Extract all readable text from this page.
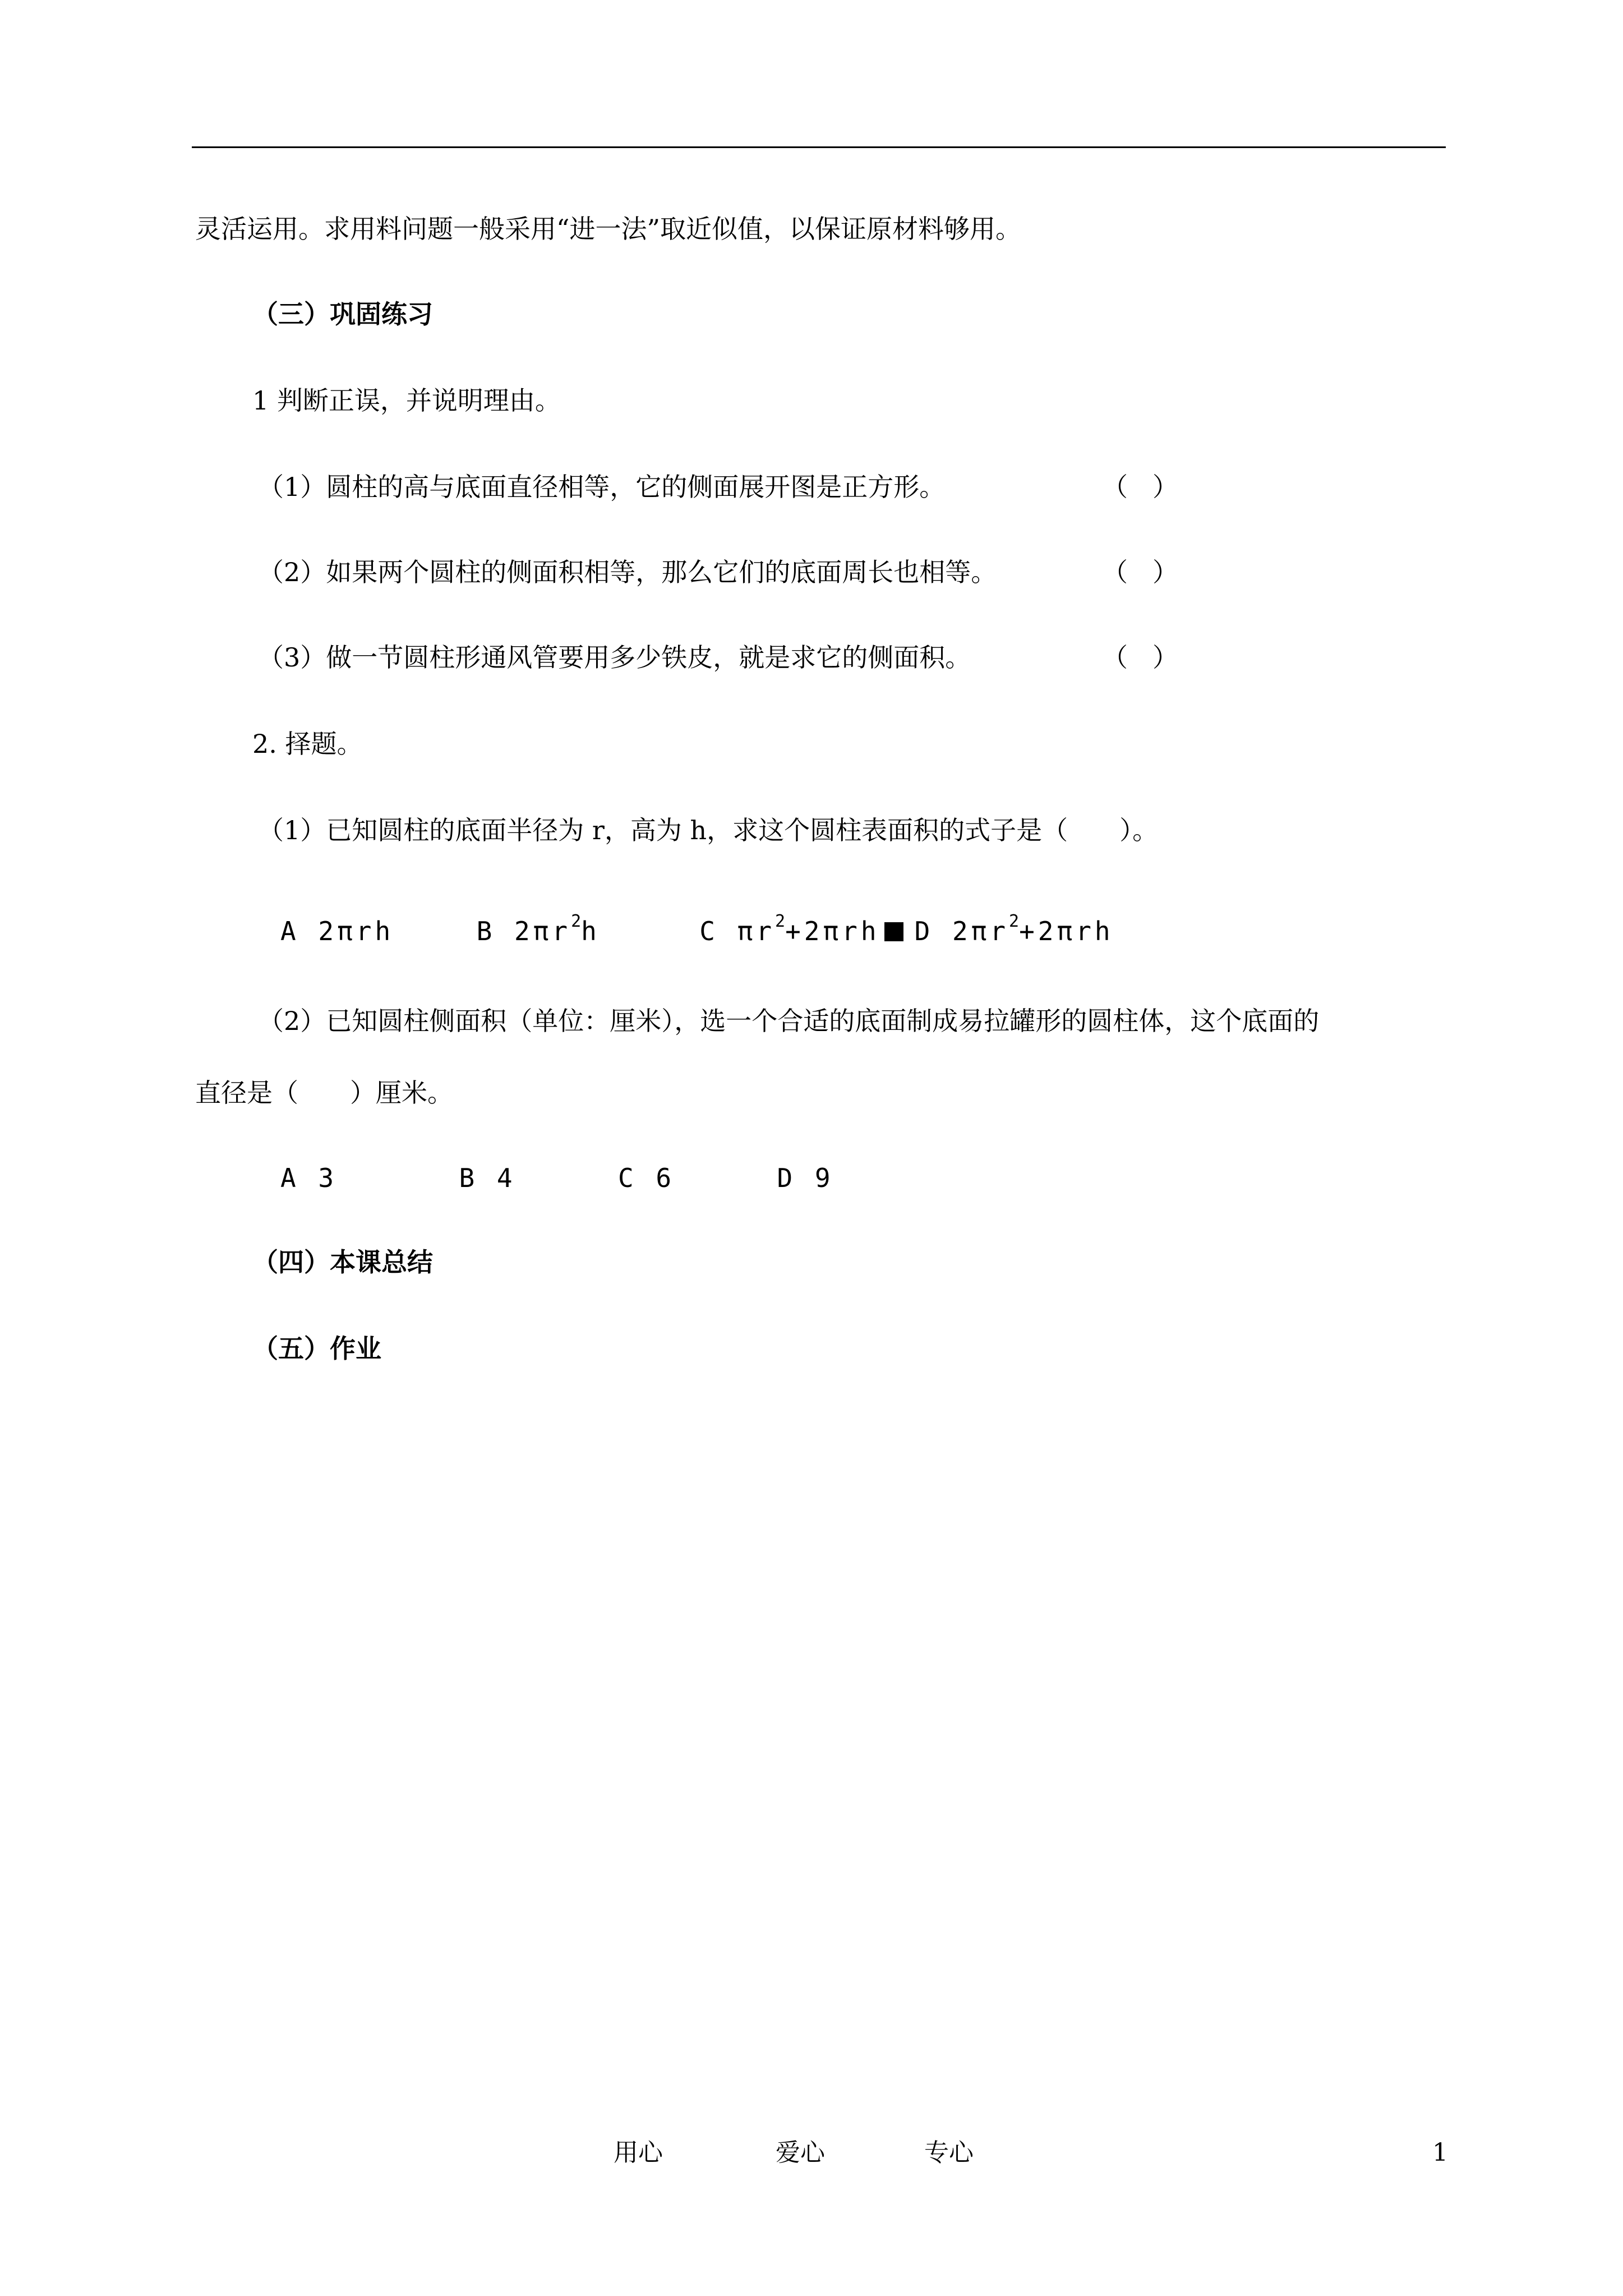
灵活运用。求用料问题一般采用“进一法”取近似值，以保证原材料够用。
（三）巩固练习
1 判断正误，并说明理由。
（1）圆柱的高与底面直径相等，它的侧面展开图是正方形。	（）
（2）如果两个圆柱的侧面积相等，那么它们的底面周长也相等。	（）
（3）做一节圆柱形通风管要用多少铁皮，就是求它的侧面积。	（）
2. 择题。
（1）已知圆柱的底面半径为 r，高为 h，求这个圆柱表面积的式子是（　　）。
A 2πrh	B $2\pi r^2h$	C $\pi r^2+2\pi rh$ D $2\pi r^2+2\pi rh$
（2）已知圆柱侧面积（单位：厘米），选一个合适的底面制成易拉罐形的圆柱体，这个底面的
直径是（　　）厘米。
A 3	B 4	C 6	D 9
（四）本课总结
（五）作业
用心	爱心	专心	1
